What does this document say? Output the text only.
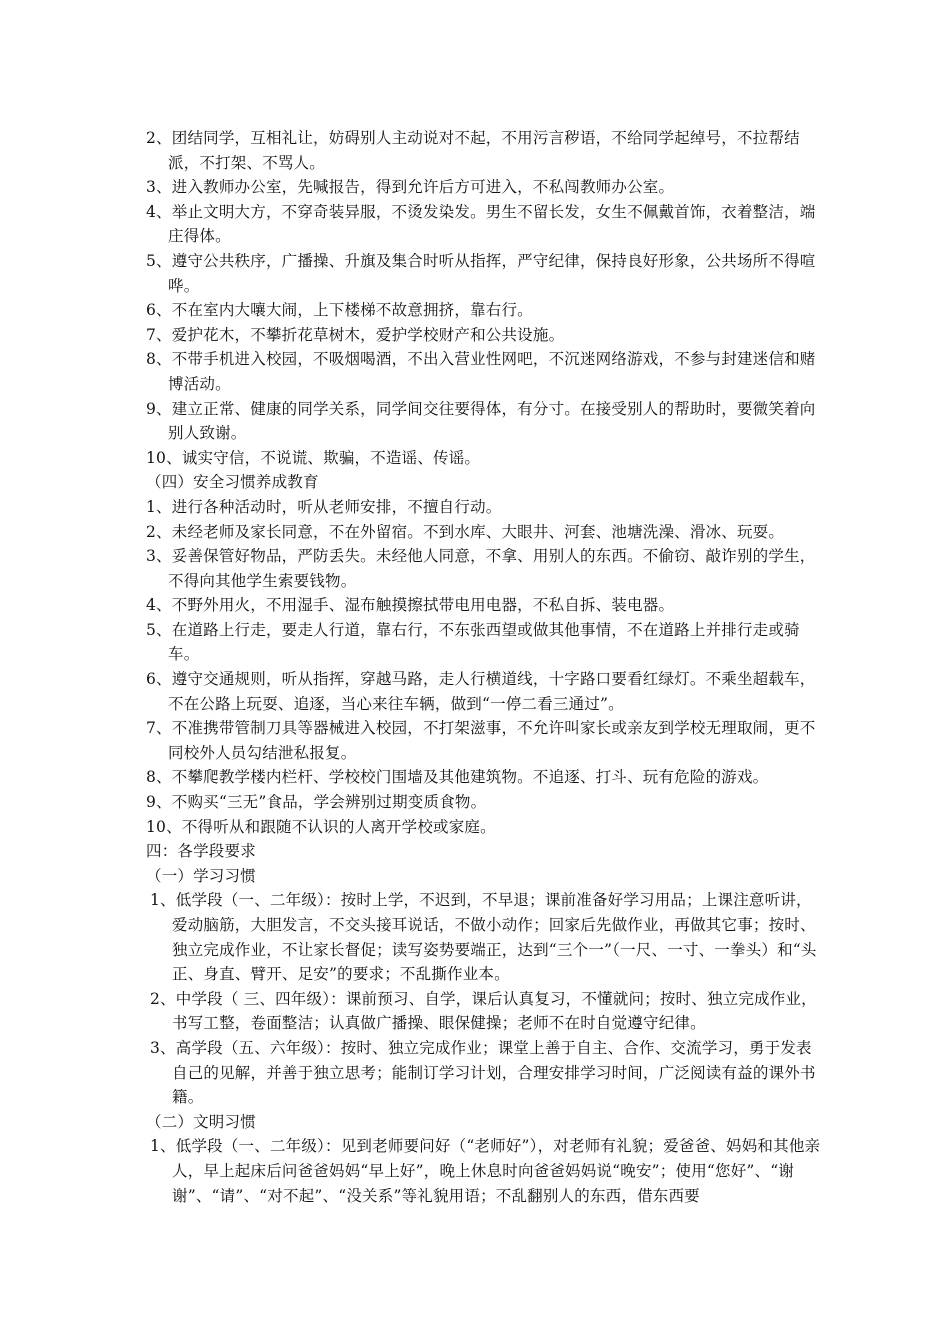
2、团结同学，互相礼让，妨碍别人主动说对不起，不用污言秽语，不给同学起绰号，不拉帮结派，不打架、不骂人。

3、进入教师办公室，先喊报告，得到允许后方可进入，不私闯教师办公室。

4、举止文明大方，不穿奇装异服，不烫发染发。男生不留长发，女生不佩戴首饰，衣着整洁，端庄得体。

5、遵守公共秩序，广播操、升旗及集合时听从指挥，严守纪律，保持良好形象，公共场所不得喧哗。

6、不在室内大嚷大闹，上下楼梯不故意拥挤，靠右行。

7、爱护花木，不攀折花草树木，爱护学校财产和公共设施。

8、不带手机进入校园，不吸烟喝酒，不出入营业性网吧，不沉迷网络游戏，不参与封建迷信和赌博活动。

9、建立正常、健康的同学关系，同学间交往要得体，有分寸。在接受别人的帮助时，要微笑着向别人致谢。

10、诚实守信，不说谎、欺骗，不造谣、传谣。

（四）安全习惯养成教育

1、进行各种活动时，听从老师安排，不擅自行动。

2、未经老师及家长同意，不在外留宿。不到水库、大眼井、河套、池塘洗澡、滑冰、玩耍。

3、妥善保管好物品，严防丢失。未经他人同意，不拿、用别人的东西。不偷窃、敲诈别的学生，不得向其他学生索要钱物。

4、不野外用火，不用湿手、湿布触摸擦拭带电用电器，不私自拆、装电器。

5、在道路上行走，要走人行道，靠右行，不东张西望或做其他事情，不在道路上并排行走或骑车。

6、遵守交通规则，听从指挥，穿越马路，走人行横道线，十字路口要看红绿灯。不乘坐超载车，不在公路上玩耍、追逐，当心来往车辆，做到“一停二看三通过”。

7、不准携带管制刀具等器械进入校园，不打架滋事，不允许叫家长或亲友到学校无理取闹，更不同校外人员勾结泄私报复。

8、不攀爬教学楼内栏杆、学校校门围墙及其他建筑物。不追逐、打斗、玩有危险的游戏。

9、不购买“三无”食品，学会辨别过期变质食物。

10、不得听从和跟随不认识的人离开学校或家庭。

四：各学段要求

（一）学习习惯

1、低学段（一、二年级）：按时上学，不迟到，不早退；课前准备好学习用品；上课注意听讲，爱动脑筋，大胆发言，不交头接耳说话，不做小动作；回家后先做作业，再做其它事；按时、独立完成作业，不让家长督促；读写姿势要端正，达到“三个一”（一尺、一寸、一拳头）和“头正、身直、臂开、足安”的要求；不乱撕作业本。

2、中学段（ 三、四年级）：课前预习、自学，课后认真复习，不懂就问；按时、独立完成作业，书写工整，卷面整洁；认真做广播操、眼保健操；老师不在时自觉遵守纪律。

3、高学段（五、六年级）：按时、独立完成作业；课堂上善于自主、合作、交流学习，勇于发表自己的见解，并善于独立思考；能制订学习计划，合理安排学习时间，广泛阅读有益的课外书籍。

（二）文明习惯

1、低学段（一、二年级）：见到老师要问好（“老师好”），对老师有礼貌；爱爸爸、妈妈和其他亲人，早上起床后问爸爸妈妈“早上好”，晚上休息时向爸爸妈妈说“晚安”；使用“您好”、“谢谢”、“请”、“对不起”、“没关系”等礼貌用语；不乱翻别人的东西，借东西要
